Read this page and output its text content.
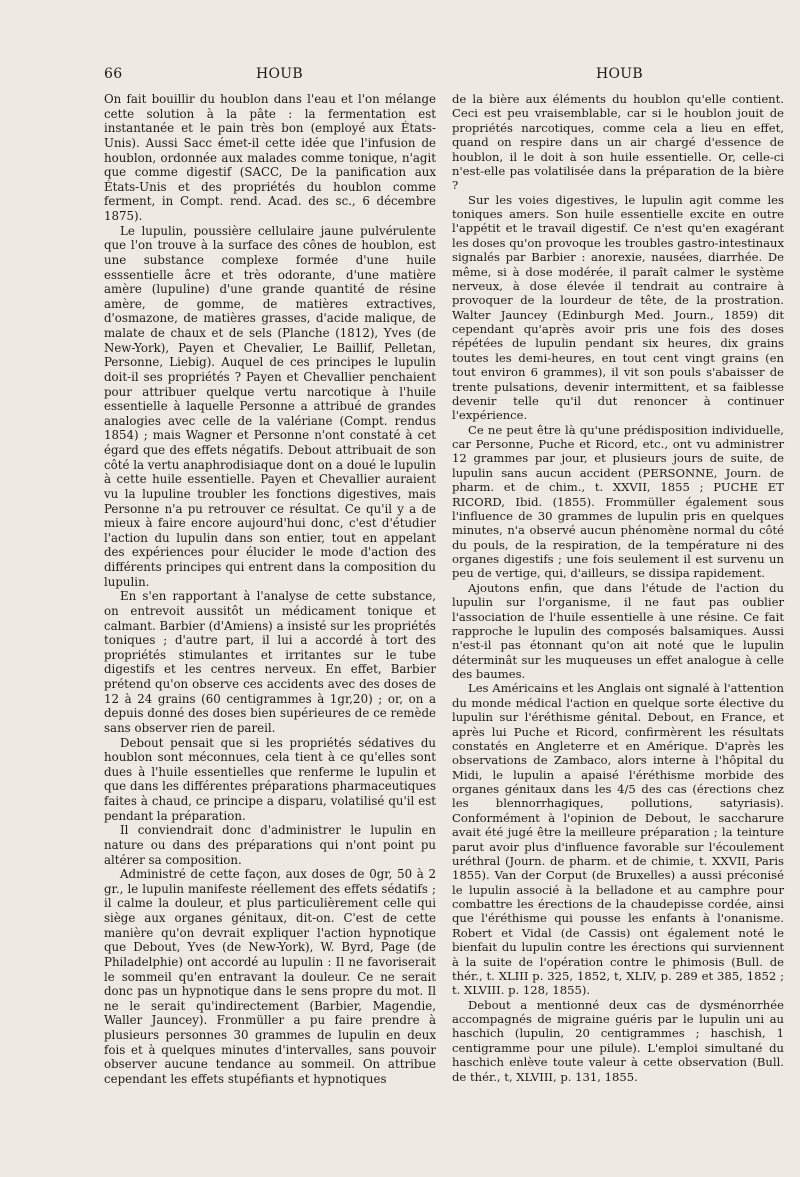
66	HOUB	HOUB

On fait bouillir du houblon dans l'eau et l'on mélange cette solution à la pâte : la fermentation est instantanée et le pain très bon (employé aux États-Unis). Aussi Sacc émet-il cette idée que l'infusion de houblon, ordonnée aux malades comme tonique, n'agit que comme digestif (SACC, De la panification aux États-Unis et des propriétés du houblon comme ferment, in Compt. rend. Acad. des sc., 6 décembre 1875).

Le lupulin, poussière cellulaire jaune pulvérulente que l'on trouve à la surface des cônes de houblon, est une substance complexe formée d'une huile esssentielle âcre et très odorante, d'une matière amère (lupuline) d'une grande quantité de résine amère, de gomme, de matières extractives, d'osmazone, de matières grasses, d'acide malique, de malate de chaux et de sels (Planche (1812), Yves (de New-York), Payen et Chevalier, Le Baillif, Pelletan, Personne, Liebig). Auquel de ces principes le lupulin doit-il ses propriétés ? Payen et Chevallier penchaient pour attribuer quelque vertu narcotique à l'huile essentielle à laquelle Personne a attribué de grandes analogies avec celle de la valériane (Compt. rendus 1854) ; mais Wagner et Personne n'ont constaté à cet égard que des effets négatifs. Debout attribuait de son côté la vertu anaphrodisiaque dont on a doué le lupulin à cette huile essentielle. Payen et Chevallier auraient vu la lupuline troubler les fonctions digestives, mais Personne n'a pu retrouver ce résultat. Ce qu'il y a de mieux à faire encore aujourd'hui donc, c'est d'étudier l'action du lupulin dans son entier, tout en appelant des expériences pour élucider le mode d'action des différents principes qui entrent dans la composition du lupulin.

En s'en rapportant à l'analyse de cette substance, on entrevoit aussitôt un médicament tonique et calmant. Barbier (d'Amiens) a insisté sur les propriétés toniques ; d'autre part, il lui a accordé à tort des propriétés stimulantes et irritantes sur le tube digestifs et les centres nerveux. En effet, Barbier prétend qu'on observe ces accidents avec des doses de 12 à 24 grains (60 centigrammes à 1gr,20) ; or, on a depuis donné des doses bien supérieures de ce remède sans observer rien de pareil.

Debout pensait que si les propriétés sédatives du houblon sont méconnues, cela tient à ce qu'elles sont dues à l'huile essentielles que renferme le lupulin et que dans les différentes préparations pharmaceutiques faites à chaud, ce principe a disparu, volatilisé qu'il est pendant la préparation.

Il conviendrait donc d'administrer le lupulin en nature ou dans des préparations qui n'ont point pu altérer sa composition.

Administré de cette façon, aux doses de 0gr, 50 à 2 gr., le lupulin manifeste réellement des effets sédatifs ; il calme la douleur, et plus particulièrement celle qui siège aux organes génitaux, dit-on. C'est de cette manière qu'on devrait expliquer l'action hypnotique que Debout, Yves (de New-York), W. Byrd, Page (de Philadelphie) ont accordé au lupulin : Il ne favoriserait le sommeil qu'en entravant la douleur. Ce ne serait donc pas un hypnotique dans le sens propre du mot. Il ne le serait qu'indirectement (Barbier, Magendie, Waller Jauncey). Fronmüller a pu faire prendre à plusieurs personnes 30 grammes de lupulin en deux fois et à quelques minutes d'intervalles, sans pouvoir observer aucune tendance au sommeil. On attribue cependant les effets stupéfiants et hypnotiques

de la bière aux éléments du houblon qu'elle contient. Ceci est peu vraisemblable, car si le houblon jouit de propriétés narcotiques, comme cela a lieu en effet, quand on respire dans un air chargé d'essence de houblon, il le doit à son huile essentielle. Or, celle-ci n'est-elle pas volatilisée dans la préparation de la bière ?

Sur les voies digestives, le lupulin agit comme les toniques amers. Son huile essentielle excite en outre l'appétit et le travail digestif. Ce n'est qu'en exagérant les doses qu'on provoque les troubles gastro-intestinaux signalés par Barbier : anorexie, nausées, diarrhée. De même, si à dose modérée, il paraît calmer le système nerveux, à dose élevée il tendrait au contraire à provoquer de la lourdeur de tête, de la prostration. Walter Jauncey (Edinburgh Med. Journ., 1859) dit cependant qu'après avoir pris une fois des doses répétées de lupulin pendant six heures, dix grains toutes les demi-heures, en tout cent vingt grains (en tout environ 6 grammes), il vit son pouls s'abaisser de trente pulsations, devenir intermittent, et sa faiblesse devenir telle qu'il dut renoncer à continuer l'expérience.

Ce ne peut être là qu'une prédisposition individuelle, car Personne, Puche et Ricord, etc., ont vu administrer 12 grammes par jour, et plusieurs jours de suite, de lupulin sans aucun accident (PERSONNE, Journ. de pharm. et de chim., t. XXVII, 1855 ; PUCHE ET RICORD, Ibid. (1855). Frommüller également sous l'influence de 30 grammes de lupulin pris en quelques minutes, n'a observé aucun phénomène normal du côté du pouls, de la respiration, de la température ni des organes digestifs ; une fois seulement il est survenu un peu de vertige, qui, d'ailleurs, se dissipa rapidement.

Ajoutons enfin, que dans l'étude de l'action du lupulin sur l'organisme, il ne faut pas oublier l'association de l'huile essentielle à une résine. Ce fait rapproche le lupulin des composés balsamiques. Aussi n'est-il pas étonnant qu'on ait noté que le lupulin déterminât sur les muqueuses un effet analogue à celle des baumes.

Les Américains et les Anglais ont signalé à l'attention du monde médical l'action en quelque sorte élective du lupulin sur l'éréthisme génital. Debout, en France, et après lui Puche et Ricord, confirmèrent les résultats constatés en Angleterre et en Amérique. D'après les observations de Zambaco, alors interne à l'hôpital du Midi, le lupulin a apaisé l'éréthisme morbide des organes génitaux dans les 4/5 des cas (érections chez les blennorrhagiques, pollutions, satyriasis). Conformément à l'opinion de Debout, le saccharure avait été jugé être la meilleure préparation ; la teinture parut avoir plus d'influence favorable sur l'écoulement uréthral (Journ. de pharm. et de chimie, t. XXVII, Paris 1855). Van der Corput (de Bruxelles) a aussi préconisé le lupulin associé à la belladone et au camphre pour combattre les érections de la chaudepisse cordée, ainsi que l'éréthisme qui pousse les enfants à l'onanisme. Robert et Vidal (de Cassis) ont également noté le bienfait du lupulin contre les érections qui surviennent à la suite de l'opération contre le phimosis (Bull. de thér., t. XLIII p. 325, 1852, t, XLIV, p. 289 et 385, 1852 ; t. XLVIII. p. 128, 1855).

Debout a mentionné deux cas de dysménorrhée accompagnés de migraine guéris par le lupulin uni au haschich (lupulin, 20 centigrammes ; haschish, 1 centigramme pour une pilule). L'emploi simultané du haschich enlève toute valeur à cette observation (Bull. de thér., t, XLVIII, p. 131, 1855.
